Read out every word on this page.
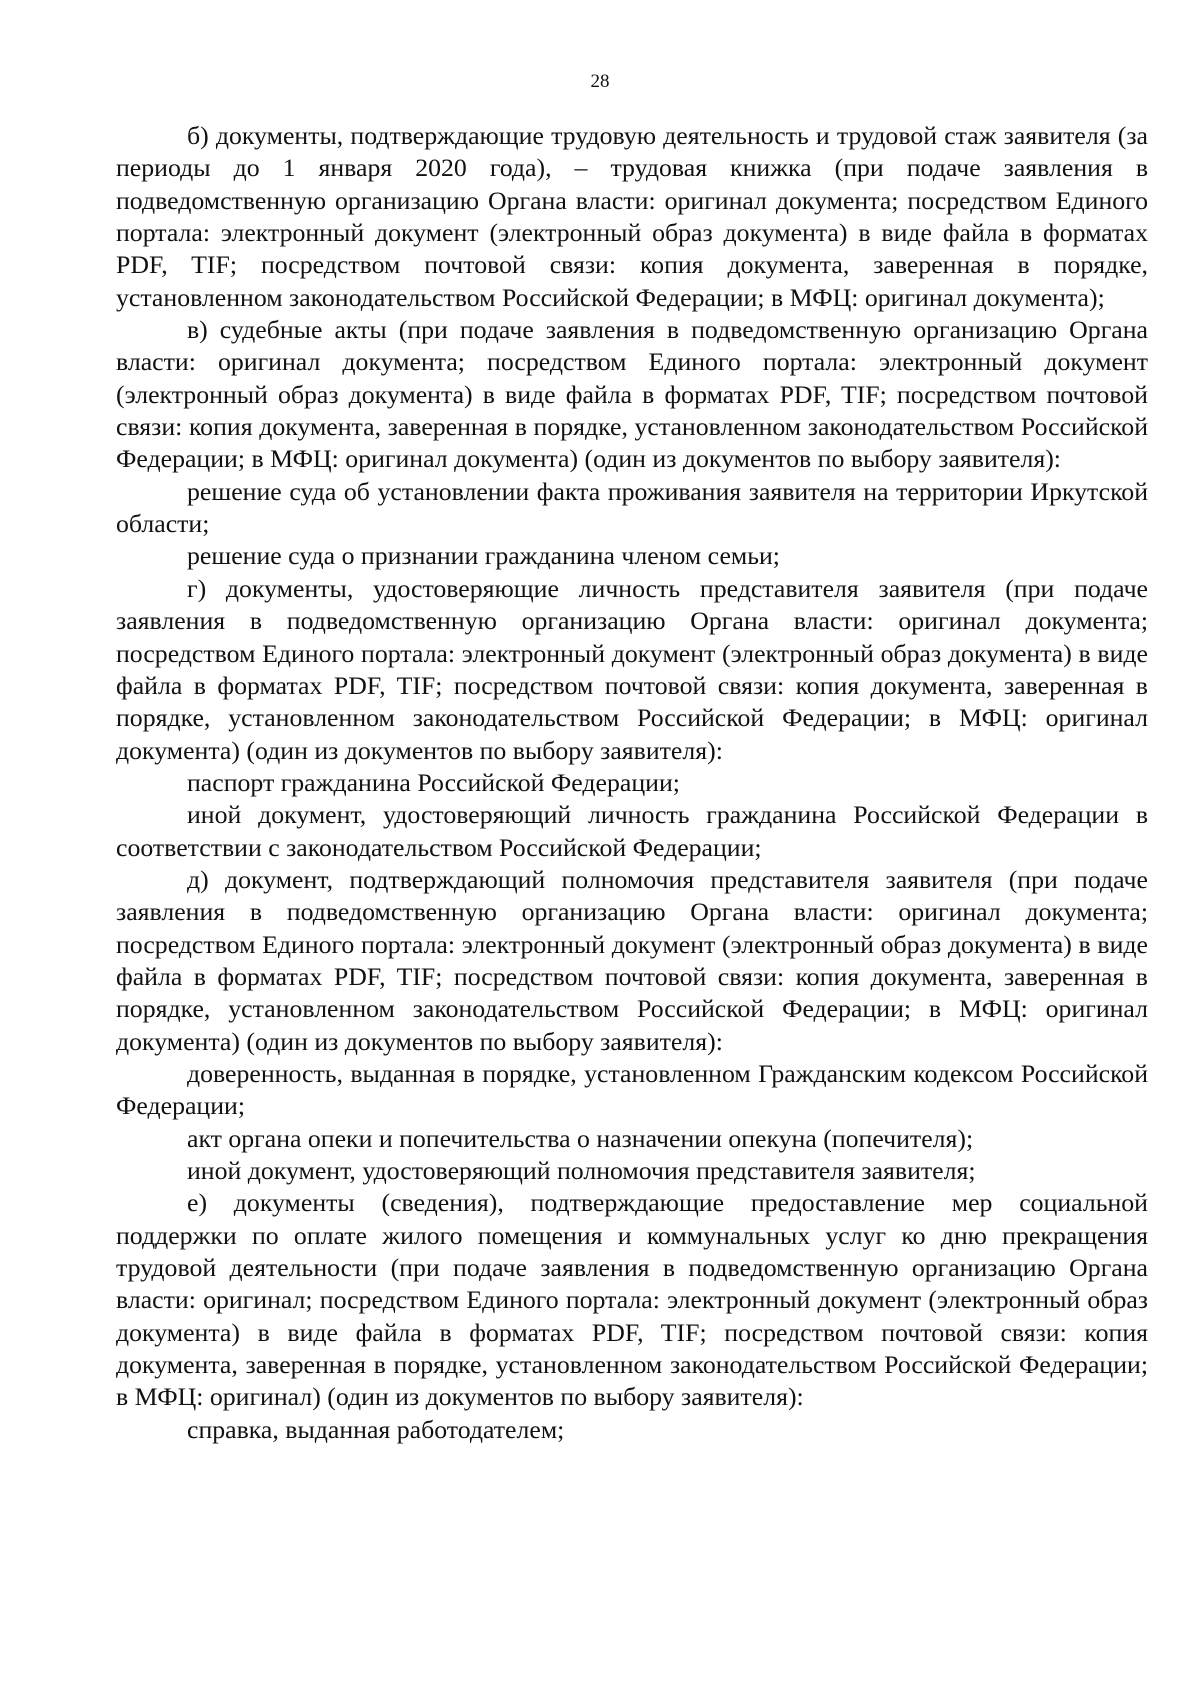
28

б) документы, подтверждающие трудовую деятельность и трудовой стаж заявителя (за периоды до 1 января 2020 года), – трудовая книжка (при подаче заявления в подведомственную организацию Органа власти: оригинал документа; посредством Единого портала: электронный документ (электронный образ документа) в виде файла в форматах PDF, TIF; посредством почтовой связи: копия документа, заверенная в порядке, установленном законодательством Российской Федерации; в МФЦ: оригинал документа);

в) судебные акты (при подаче заявления в подведомственную организацию Органа власти: оригинал документа; посредством Единого портала: электронный документ (электронный образ документа) в виде файла в форматах PDF, TIF; посредством почтовой связи: копия документа, заверенная в порядке, установленном законодательством Российской Федерации; в МФЦ: оригинал документа) (один из документов по выбору заявителя):

решение суда об установлении факта проживания заявителя на территории Иркутской области;

решение суда о признании гражданина членом семьи;

г) документы, удостоверяющие личность представителя заявителя (при подаче заявления в подведомственную организацию Органа власти: оригинал документа; посредством Единого портала: электронный документ (электронный образ документа) в виде файла в форматах PDF, TIF; посредством почтовой связи: копия документа, заверенная в порядке, установленном законодательством Российской Федерации; в МФЦ: оригинал документа) (один из документов по выбору заявителя):

паспорт гражданина Российской Федерации;

иной документ, удостоверяющий личность гражданина Российской Федерации в соответствии с законодательством Российской Федерации;

д) документ, подтверждающий полномочия представителя заявителя (при подаче заявления в подведомственную организацию Органа власти: оригинал документа; посредством Единого портала: электронный документ (электронный образ документа) в виде файла в форматах PDF, TIF; посредством почтовой связи: копия документа, заверенная в порядке, установленном законодательством Российской Федерации; в МФЦ: оригинал документа) (один из документов по выбору заявителя):

доверенность, выданная в порядке, установленном Гражданским кодексом Российской Федерации;

акт органа опеки и попечительства о назначении опекуна (попечителя);

иной документ, удостоверяющий полномочия представителя заявителя;

е) документы (сведения), подтверждающие предоставление мер социальной поддержки по оплате жилого помещения и коммунальных услуг ко дню прекращения трудовой деятельности (при подаче заявления в подведомственную организацию Органа власти: оригинал; посредством Единого портала: электронный документ (электронный образ документа) в виде файла в форматах PDF, TIF; посредством почтовой связи: копия документа, заверенная в порядке, установленном законодательством Российской Федерации; в МФЦ: оригинал) (один из документов по выбору заявителя):

справка, выданная работодателем;
